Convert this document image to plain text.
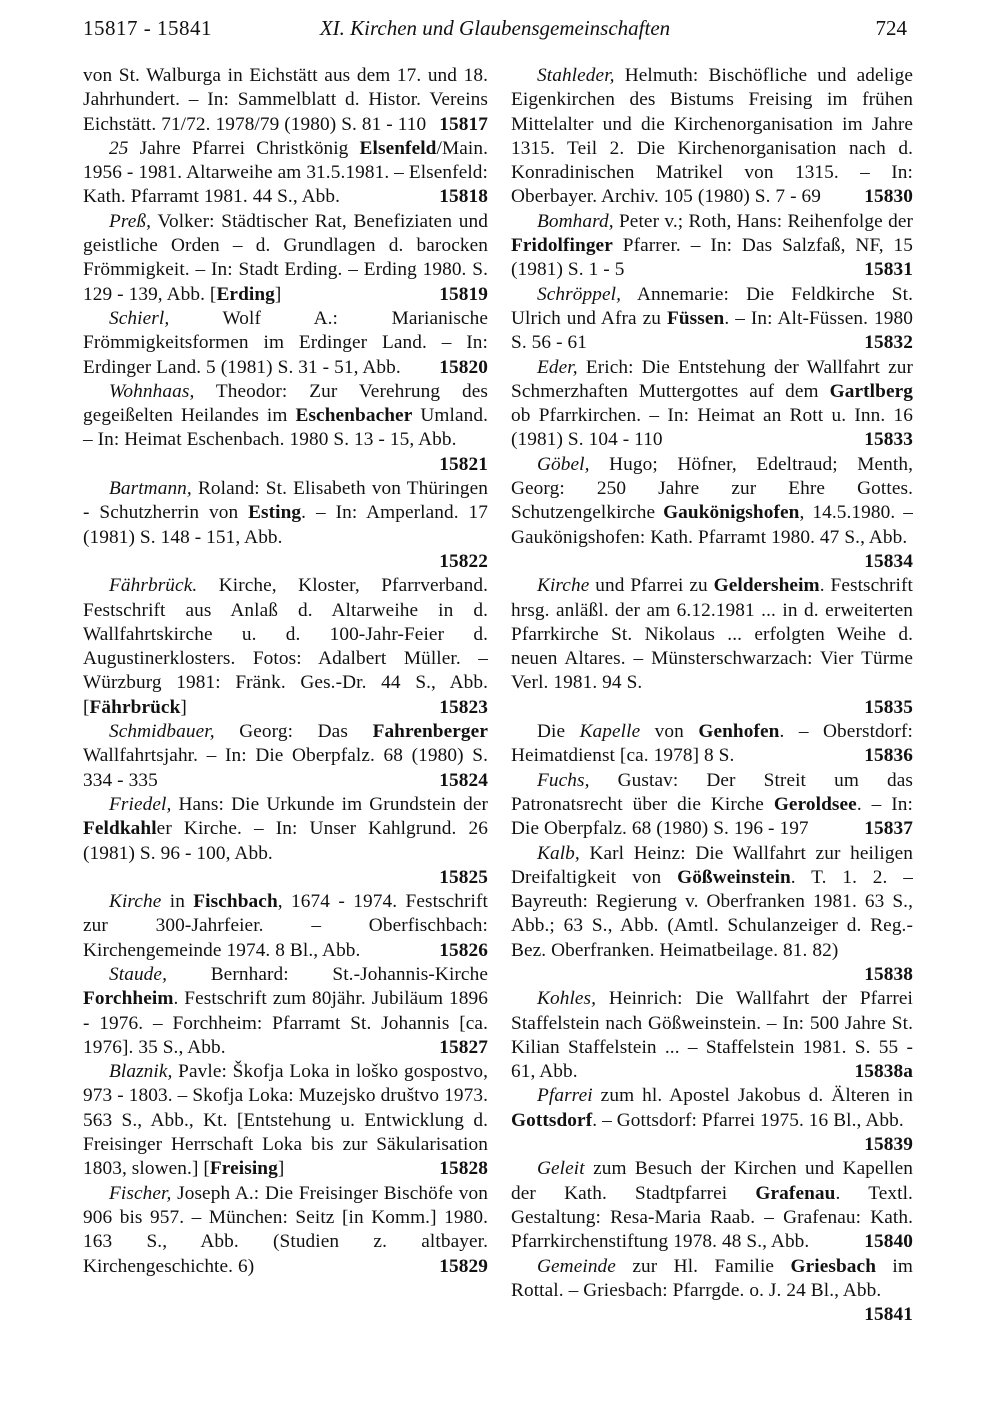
15817 - 15841	XI. Kirchen und Glaubensgemeinschaften	724

von St. Walburga in Eichstätt aus dem 17. und 18. Jahrhundert. – In: Sammelblatt d. Histor. Vereins Eichstätt. 71/72. 1978/79 (1980) S. 81 - 110 15817

25 Jahre Pfarrei Christkönig Elsenfeld/Main. 1956 - 1981. Altarweihe am 31.5.1981. – Elsenfeld: Kath. Pfarramt 1981. 44 S., Abb.	15818

Preß, Volker: Städtischer Rat, Benefiziaten und geistliche Orden – d. Grundlagen d. barocken Frömmigkeit. – In: Stadt Erding. – Erding 1980. S. 129 - 139, Abb. [Erding]	15819

Schierl, Wolf A.: Marianische Frömmigkeitsformen im Erdinger Land. – In: Erdinger Land. 5 (1981) S. 31 - 51, Abb.	15820

Wohnhaas, Theodor: Zur Verehrung des gegeißelten Heilandes im Eschenbacher Umland. – In: Heimat Eschenbach. 1980 S. 13 - 15, Abb.
15821

Bartmann, Roland: St. Elisabeth von Thüringen - Schutzherrin von Esting. – In: Amperland. 17 (1981) S. 148 - 151, Abb.
15822

Fährbrück. Kirche, Kloster, Pfarrverband. Festschrift aus Anlaß d. Altarweihe in d. Wallfahrtskirche u. d. 100-Jahr-Feier d. Augustinerklosters. Fotos: Adalbert Müller. – Würzburg 1981: Fränk. Ges.-Dr. 44 S., Abb. [Fährbrück]	15823

Schmidbauer, Georg: Das Fahrenberger Wallfahrtsjahr. – In: Die Oberpfalz. 68 (1980) S. 334 - 335	15824

Friedel, Hans: Die Urkunde im Grundstein der Feldkahler Kirche. – In: Unser Kahlgrund. 26 (1981) S. 96 - 100, Abb.
15825

Kirche in Fischbach, 1674 - 1974. Festschrift zur 300-Jahrfeier. – Oberfischbach: Kirchengemeinde 1974. 8 Bl., Abb.	15826

Staude, Bernhard: St.-Johannis-Kirche Forchheim. Festschrift zum 80jähr. Jubiläum 1896 - 1976. – Forchheim: Pfarramt St. Johannis [ca. 1976]. 35 S., Abb.	15827

Blaznik, Pavle: Škofja Loka in loško gospostvo, 973 - 1803. – Skofja Loka: Muzejsko društvo 1973. 563 S., Abb., Kt. [Entstehung u. Entwicklung d. Freisinger Herrschaft Loka bis zur Säkularisation 1803, slowen.] [Freising]	15828

Fischer, Joseph A.: Die Freisinger Bischöfe von 906 bis 957. – München: Seitz [in Komm.] 1980. 163 S., Abb. (Studien z. altbayer. Kirchengeschichte. 6)	15829

Stahleder, Helmuth: Bischöfliche und adelige Eigenkirchen des Bistums Freising im frühen Mittelalter und die Kirchenorganisation im Jahre 1315. Teil 2. Die Kirchenorganisation nach d. Konradinischen Matrikel von 1315. – In: Oberbayer. Archiv. 105 (1980) S. 7 - 69	15830

Bomhard, Peter v.; Roth, Hans: Reihenfolge der Fridolfinger Pfarrer. – In: Das Salzfaß, NF, 15 (1981) S. 1 - 5	15831

Schröppel, Annemarie: Die Feldkirche St. Ulrich und Afra zu Füssen. – In: Alt-Füssen. 1980 S. 56 - 61	15832

Eder, Erich: Die Entstehung der Wallfahrt zur Schmerzhaften Muttergottes auf dem Gartlberg ob Pfarrkirchen. – In: Heimat an Rott u. Inn. 16 (1981) S. 104 - 110	15833

Göbel, Hugo; Höfner, Edeltraud; Menth, Georg: 250 Jahre zur Ehre Gottes. Schutzengelkirche Gaukönigshofen, 14.5.1980. – Gaukönigshofen: Kath. Pfarramt 1980. 47 S., Abb.
15834

Kirche und Pfarrei zu Geldersheim. Festschrift hrsg. anläßl. der am 6.12.1981 ... in d. erweiterten Pfarrkirche St. Nikolaus ... erfolgten Weihe d. neuen Altares. – Münsterschwarzach: Vier Türme Verl. 1981. 94 S.
15835

Die Kapelle von Genhofen. – Oberstdorf: Heimatdienst [ca. 1978] 8 S.	15836

Fuchs, Gustav: Der Streit um das Patronatsrecht über die Kirche Geroldsee. – In: Die Oberpfalz. 68 (1980) S. 196 - 197	15837

Kalb, Karl Heinz: Die Wallfahrt zur heiligen Dreifaltigkeit von Gößweinstein. T. 1. 2. – Bayreuth: Regierung v. Oberfranken 1981. 63 S., Abb.; 63 S., Abb. (Amtl. Schulanzeiger d. Reg.-Bez. Oberfranken. Heimatbeilage. 81. 82)
15838

Kohles, Heinrich: Die Wallfahrt der Pfarrei Staffelstein nach Gößweinstein. – In: 500 Jahre St. Kilian Staffelstein ... – Staffelstein 1981. S. 55 - 61, Abb.	15838a

Pfarrei zum hl. Apostel Jakobus d. Älteren in Gottsdorf. – Gottsdorf: Pfarrei 1975. 16 Bl., Abb.
15839

Geleit zum Besuch der Kirchen und Kapellen der Kath. Stadtpfarrei Grafenau. Textl. Gestaltung: Resa-Maria Raab. – Grafenau: Kath. Pfarrkirchenstiftung 1978. 48 S., Abb.	15840

Gemeinde zur Hl. Familie Griesbach im Rottal. – Griesbach: Pfarrgde. o. J. 24 Bl., Abb.
15841
